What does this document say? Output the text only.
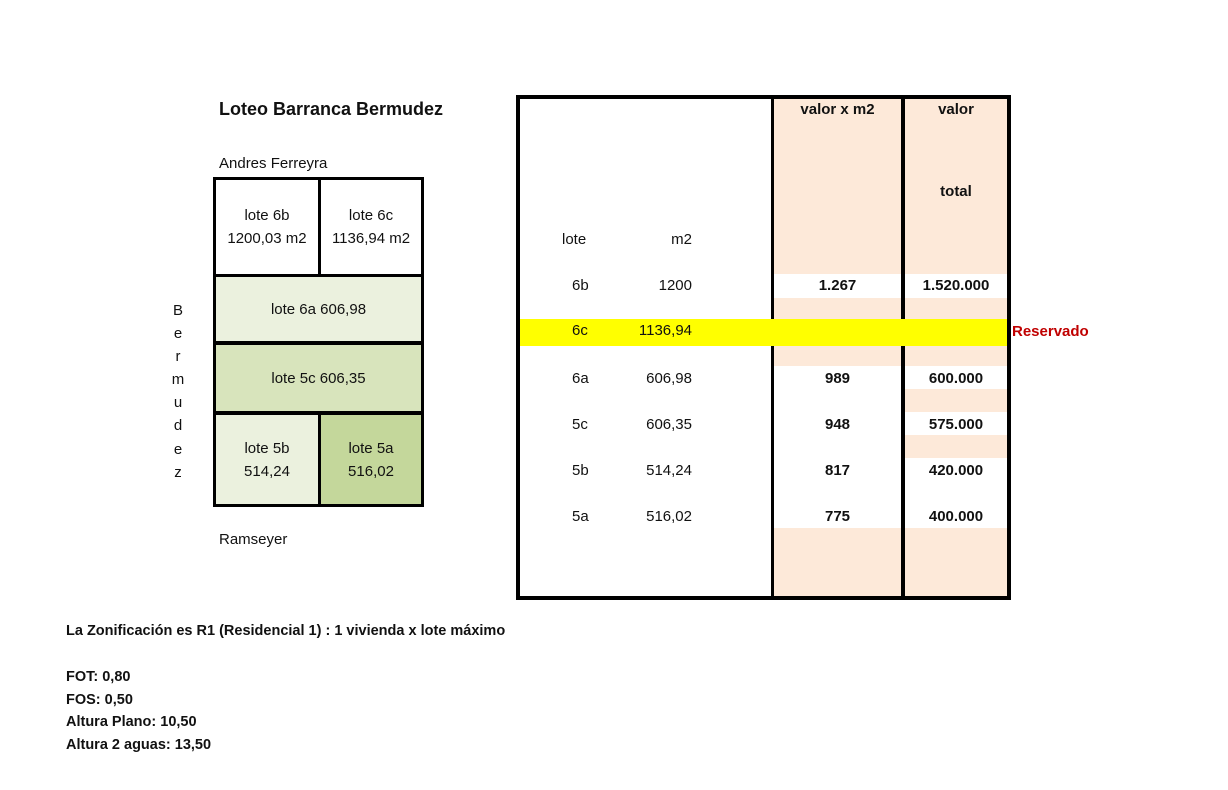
Loteo Barranca Bermudez
Andres Ferreyra
Ramseyer
B
e
r
m
u
d
e
z
lote 6b
1200,03 m2
lote 6c
1136,94 m2
lote 6a 606,98
lote 5c 606,35
lote 5b
514,24
lote 5a
516,02
lote	m2
valor x m2	valor
total
6b	1200	1.267	1.520.000
6c	1136,94
6a	606,98	989	600.000
5c	606,35	948	575.000
5b	514,24	817	420.000
5a	516,02	775	400.000
Reservado
La Zonificación es R1 (Residencial 1) : 1 vivienda x lote máximo
FOT: 0,80
FOS: 0,50
Altura Plano: 10,50
Altura 2 aguas: 13,50
